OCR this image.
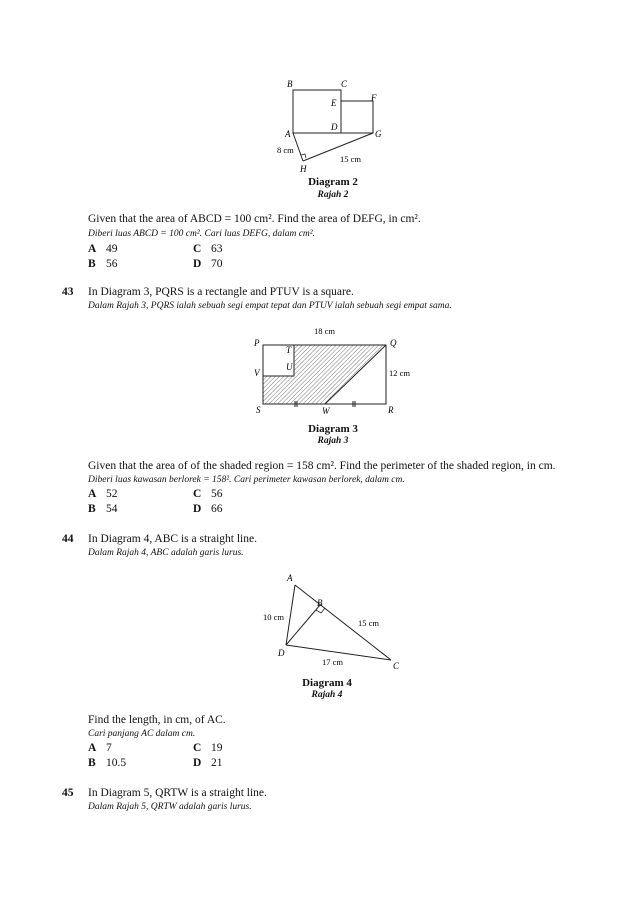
B	C
E	F
D
A	G
H
8 cm
15 cm
Diagram 2
Rajah 2
Given that the area of ABCD = 100 cm². Find the area of DEFG, in cm².
Diberi luas ABCD = 100 cm². Cari luas DEFG, dalam cm².
A 49	C 63
B 56	D 70
43 In Diagram 3, PQRS is a rectangle and PTUV is a square.
Dalam Rajah 3, PQRS ialah sebuah segi empat tepat dan PTUV ialah sebuah segi empat sama.
18 cm
12 cm
P	Q
T
U
V
S	W	R
Diagram 3
Rajah 3
Given that the area of of the shaded region = 158 cm². Find the perimeter of the shaded region, in cm.
Diberi luas kawasan berlorek = 158². Cari perimeter kawasan berlorek, dalam cm.
A 52	C 56
B 54	D 66
44 In Diagram 4, ABC is a straight line.
Dalam Rajah 4, ABC adalah garis lurus.
A
B
C
D
10 cm
15 cm
17 cm
Diagram 4
Rajah 4
Find the length, in cm, of AC.
Cari panjang AC dalam cm.
A 7	C 19
B 10.5	D 21
45 In Diagram 5, QRTW is a straight line.
Dalam Rajah 5, QRTW adalah garis lurus.
